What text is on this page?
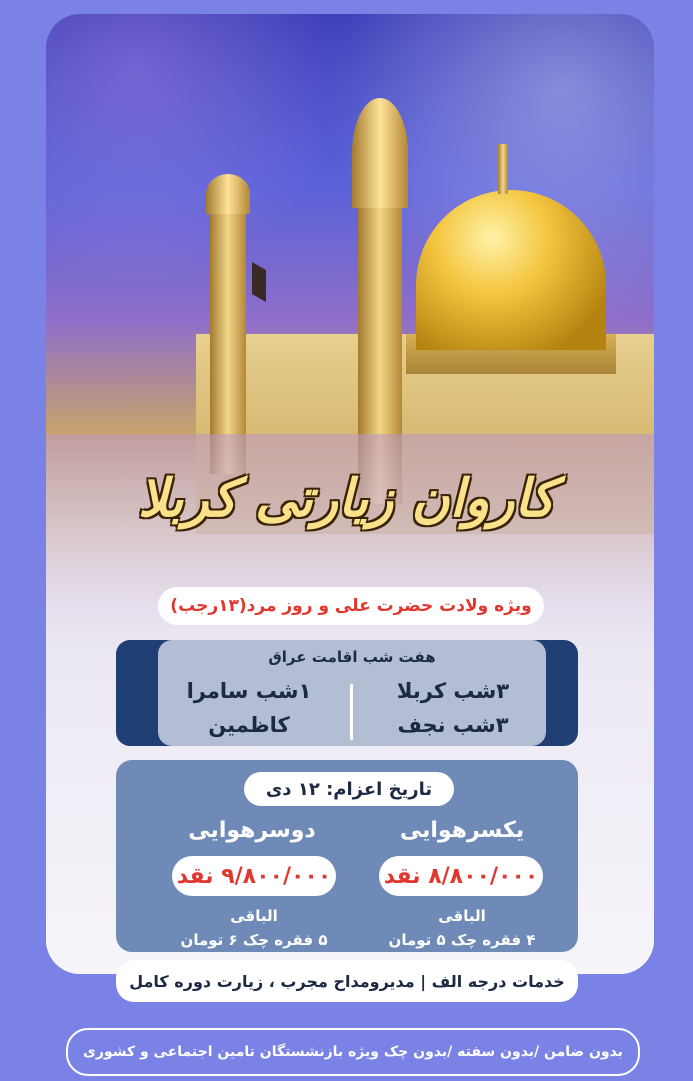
کاروان زیارتی کربلا
ویژه ولادت حضرت علی و روز مرد(۱۳رجب)
هفت شب اقامت عراق
۳شب کربلا
۳شب نجف
۱شب سامرا
کاظمین
تاریخ اعزام: ۱۲ دی
یکسرهوایی
دوسرهوایی
۸/۸۰۰/۰۰۰ نقد
۹/۸۰۰/۰۰۰ نقد
الباقی
۴ فقره چک ۵ تومان
الباقی
۵ فقره چک ۶ تومان
خدمات درجه الف | مدیرومداح مجرب ، زیارت دوره کامل
بدون ضامن /بدون سفته /بدون چک ویژه بازنشستگان تامین اجتماعی و کشوری
